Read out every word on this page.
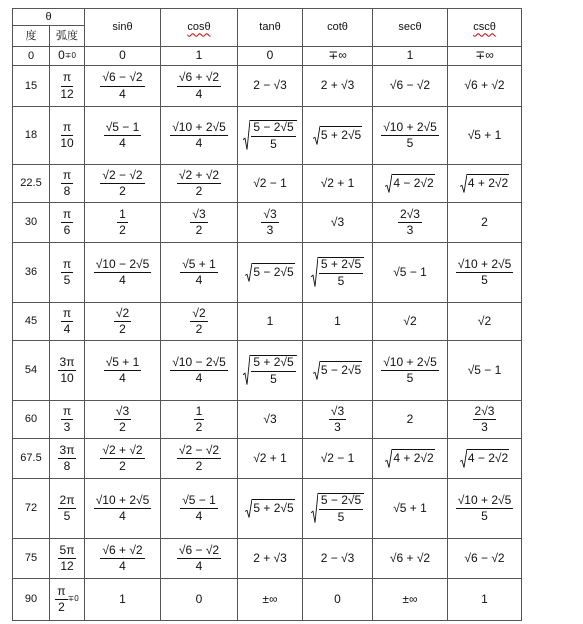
θ		sinθ	cosθ	tanθ	cotθ	secθ	cscθ
度	弧度						
0	0 ∓0	0	1	0	∓∞	1	∓∞

15	$\frac{\pi}{12}$	$\frac{√6 - √2}{4}$	$\frac{√6 + √2}{4}$	2 − √3	2 + √3	√6 − √2	√6 + √2

18	$\frac{\pi}{10}$	$\frac{√5 - 1}{4}$	$\frac{√10 + 2√5}{4}$	$\frac{5 - 2√5}{5}$	5 + 2√5	$\frac{√10 + 2√5}{5}$	√5 + 1

22.5	$\frac{\pi}{8}$	$\frac{√2 - √2}{2}$	$\frac{√2 + √2}{2}$	√2 − 1	√2 + 1	4 − 2√2	4 + 2√2

30	$\frac{\pi}{6}$	$\frac{1}{2}$	$\frac{√3}{2}$	$\frac{√3}{3}$	√3	$\frac{2√3}{3}$	2

36	$\frac{\pi}{5}$	$\frac{√10 - 2√5}{4}$	$\frac{√5 + 1}{4}$	5 − 2√5	$\frac{5 + 2√5}{5}$	√5 − 1	$\frac{√10 + 2√5}{5}$

45	$\frac{\pi}{4}$	$\frac{√2}{2}$	$\frac{√2}{2}$	1	1	√2	√2

54	$\frac{3\pi}{10}$	$\frac{√5 + 1}{4}$	$\frac{√10 - 2√5}{4}$	$\frac{5 + 2√5}{5}$	5 − 2√5	$\frac{√10 + 2√5}{5}$	√5 − 1

60	$\frac{\pi}{3}$	$\frac{√3}{2}$	$\frac{1}{2}$	√3	$\frac{√3}{3}$	2	$\frac{2√3}{3}$

67.5	$\frac{3\pi}{8}$	$\frac{√2 + √2}{2}$	$\frac{√2 - √2}{2}$	√2 + 1	√2 − 1	4 + 2√2	4 − 2√2

72	$\frac{2\pi}{5}$	$\frac{√10 + 2√5}{4}$	$\frac{√5 - 1}{4}$	5 + 2√5	$\frac{5 - 2√5}{5}$	√5 + 1	$\frac{√10 + 2√5}{5}$

75	$\frac{5\pi}{12}$	$\frac{√6 + √2}{4}$	$\frac{√6 - √2}{4}$	2 + √3	2 − √3	√6 + √2	√6 − √2

90	$\frac{\pi}{2} \mp 0$	1	0	±∞	0	±∞	1
